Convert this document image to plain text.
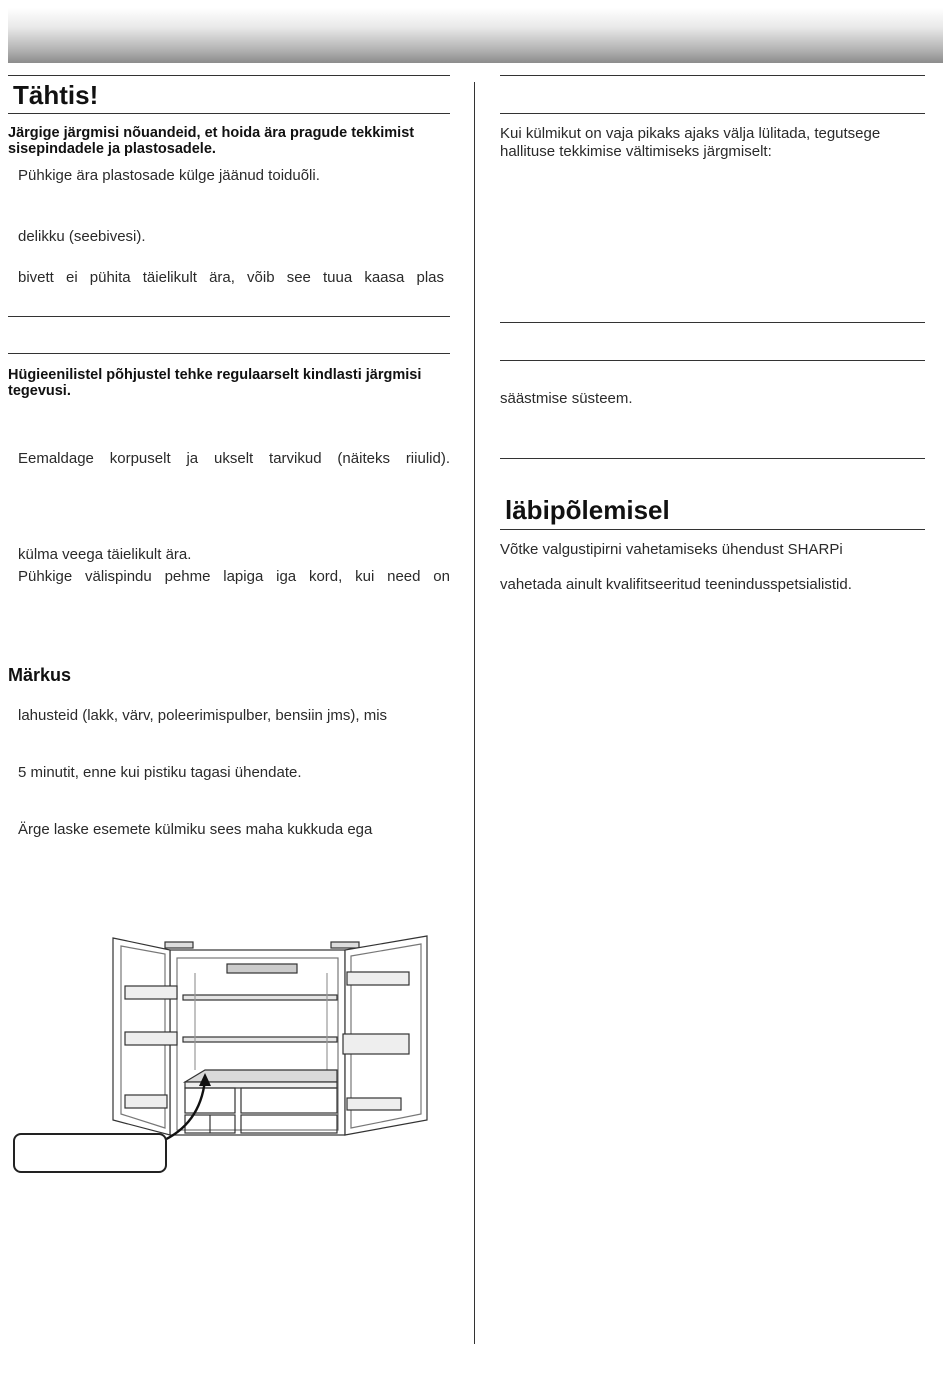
Tähtis!
Järgige järgmisi nõuandeid, et hoida ära pragude tekkimist sisepindadele ja plastosadele.
Pühkige ära plastosade külge jäänud toiduõli.
delikku (seebivesi).
bivett ei pühita täielikult ära, võib see tuua kaasa plas
Hügieenilistel põhjustel tehke regulaarselt kindlasti järgmisi tegevusi.
Eemaldage korpuselt ja ukselt tarvikud (näiteks riiulid).
külma veega täielikult ära.
Pühkige välispindu pehme lapiga iga kord, kui need on
Märkus
lahusteid (lakk, värv, poleerimispulber, bensiin jms), mis
5 minutit, enne kui pistiku tagasi ühendate.
Ärge laske esemete külmiku sees maha kukkuda ega
Kui külmikut on vaja pikaks ajaks välja lülitada, tegutsege hallituse tekkimise vältimiseks järgmiselt:
säästmise süsteem.
läbipõlemisel
Võtke valgustipirni vahetamiseks ühendust SHARPi
vahetada ainult kvalifitseeritud teenindusspetsialistid.
